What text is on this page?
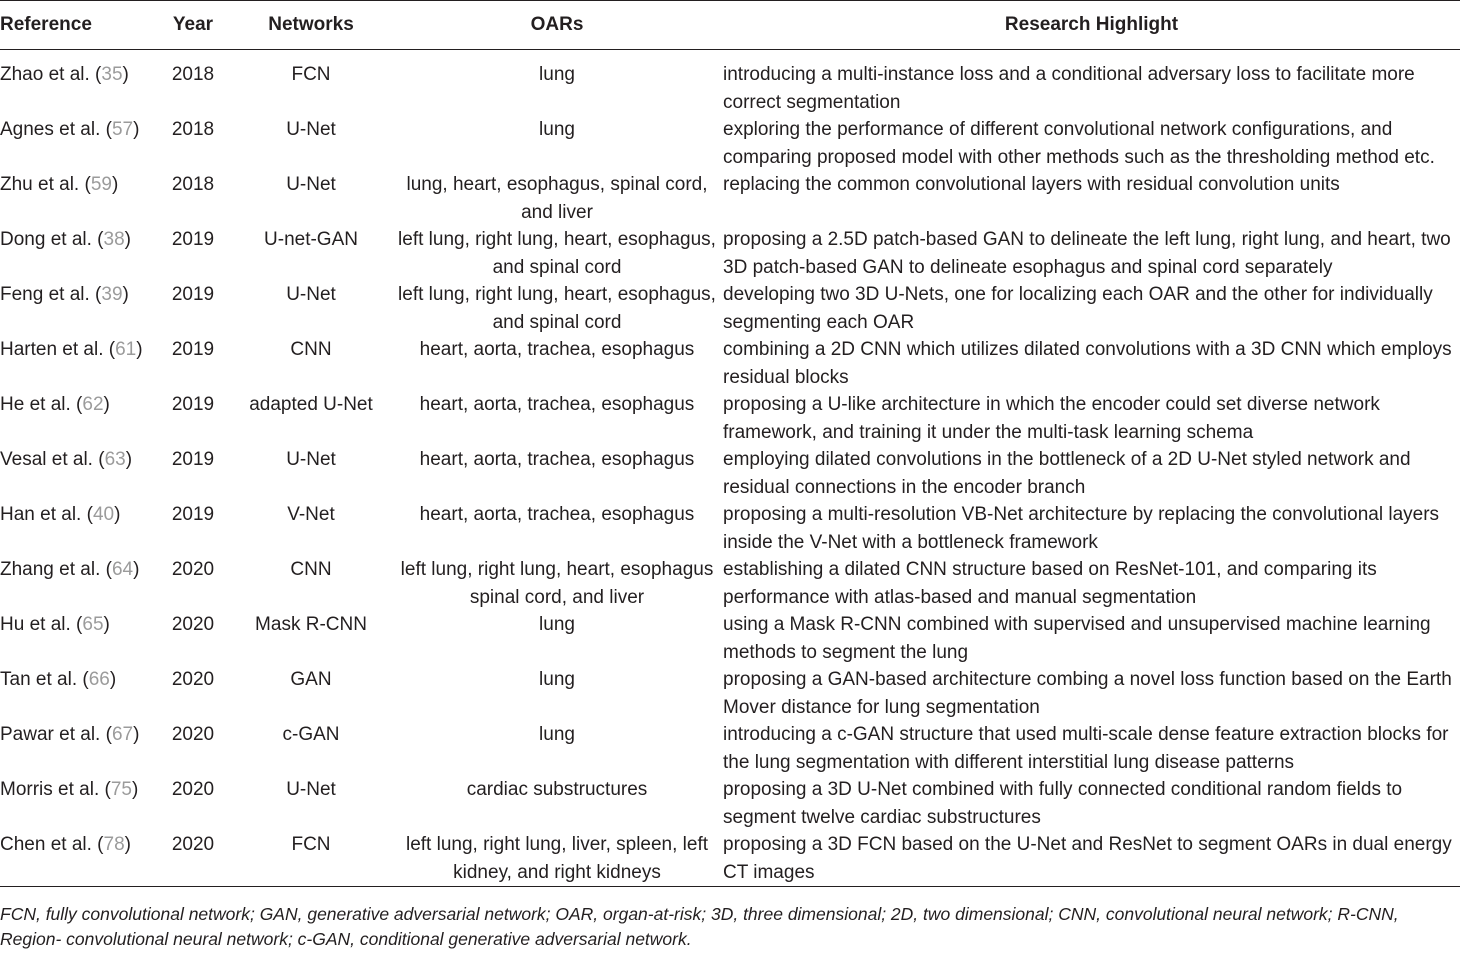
Reference	Year	Networks	OARs	Research Highlight
Zhao et al. (35)	2018	FCN	lung	introducing a multi-instance loss and a conditional adversary loss to facilitate more correct segmentation
Agnes et al. (57)	2018	U-Net	lung	exploring the performance of different convolutional network configurations, and comparing proposed model with other methods such as the thresholding method etc.
Zhu et al. (59)	2018	U-Net	lung, heart, esophagus, spinal cord, and liver	replacing the common convolutional layers with residual convolution units
Dong et al. (38)	2019	U-net-GAN	left lung, right lung, heart, esophagus, and spinal cord	proposing a 2.5D patch-based GAN to delineate the left lung, right lung, and heart, two 3D patch-based GAN to delineate esophagus and spinal cord separately
Feng et al. (39)	2019	U-Net	left lung, right lung, heart, esophagus, and spinal cord	developing two 3D U-Nets, one for localizing each OAR and the other for individually segmenting each OAR
Harten et al. (61)	2019	CNN	heart, aorta, trachea, esophagus	combining a 2D CNN which utilizes dilated convolutions with a 3D CNN which employs residual blocks
He et al. (62)	2019	adapted U-Net	heart, aorta, trachea, esophagus	proposing a U-like architecture in which the encoder could set diverse network framework, and training it under the multi-task learning schema
Vesal et al. (63)	2019	U-Net	heart, aorta, trachea, esophagus	employing dilated convolutions in the bottleneck of a 2D U-Net styled network and residual connections in the encoder branch
Han et al. (40)	2019	V-Net	heart, aorta, trachea, esophagus	proposing a multi-resolution VB-Net architecture by replacing the convolutional layers inside the V-Net with a bottleneck framework
Zhang et al. (64)	2020	CNN	left lung, right lung, heart, esophagus spinal cord, and liver	establishing a dilated CNN structure based on ResNet-101, and comparing its performance with atlas-based and manual segmentation
Hu et al. (65)	2020	Mask R-CNN	lung	using a Mask R-CNN combined with supervised and unsupervised machine learning methods to segment the lung
Tan et al. (66)	2020	GAN	lung	proposing a GAN-based architecture combing a novel loss function based on the Earth Mover distance for lung segmentation
Pawar et al. (67)	2020	c-GAN	lung	introducing a c-GAN structure that used multi-scale dense feature extraction blocks for the lung segmentation with different interstitial lung disease patterns
Morris et al. (75)	2020	U-Net	cardiac substructures	proposing a 3D U-Net combined with fully connected conditional random fields to segment twelve cardiac substructures
Chen et al. (78)	2020	FCN	left lung, right lung, liver, spleen, left kidney, and right kidneys	proposing a 3D FCN based on the U-Net and ResNet to segment OARs in dual energy CT images
FCN, fully convolutional network; GAN, generative adversarial network; OAR, organ-at-risk; 3D, three dimensional; 2D, two dimensional; CNN, convolutional neural network; R-CNN, Region- convolutional neural network; c-GAN, conditional generative adversarial network.
